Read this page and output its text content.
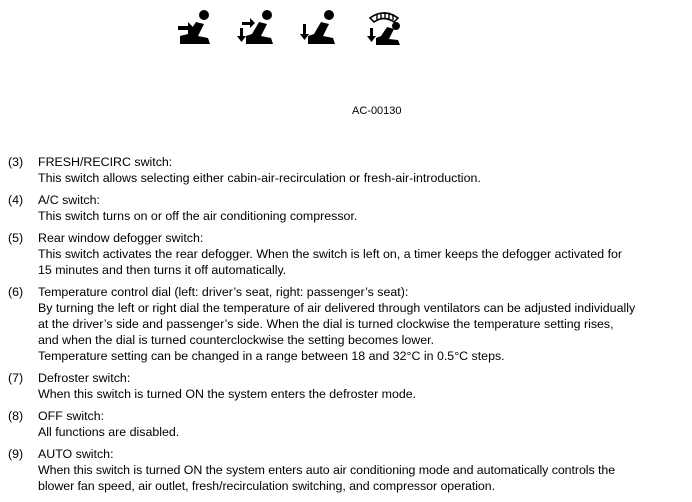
AC-00130
(3)	FRESH/RECIRC switch:
This switch allows selecting either cabin-air-recirculation or fresh-air-introduction.
(4)	A/C switch:
This switch turns on or off the air conditioning compressor.
(5)	Rear window defogger switch:
This switch activates the rear defogger. When the switch is left on, a timer keeps the defogger activated for
15 minutes and then turns it off automatically.
(6)	Temperature control dial (left: driver’s seat, right: passenger’s seat):
By turning the left or right dial the temperature of air delivered through ventilators can be adjusted individually
at the driver’s side and passenger’s side. When the dial is turned clockwise the temperature setting rises,
and when the dial is turned counterclockwise the setting becomes lower.
Temperature setting can be changed in a range between 18 and 32°C in 0.5°C steps.
(7)	Defroster switch:
When this switch is turned ON the system enters the defroster mode.
(8)	OFF switch:
All functions are disabled.
(9)	AUTO switch:
When this switch is turned ON the system enters auto air conditioning mode and automatically controls the
blower fan speed, air outlet, fresh/recirculation switching, and compressor operation.
